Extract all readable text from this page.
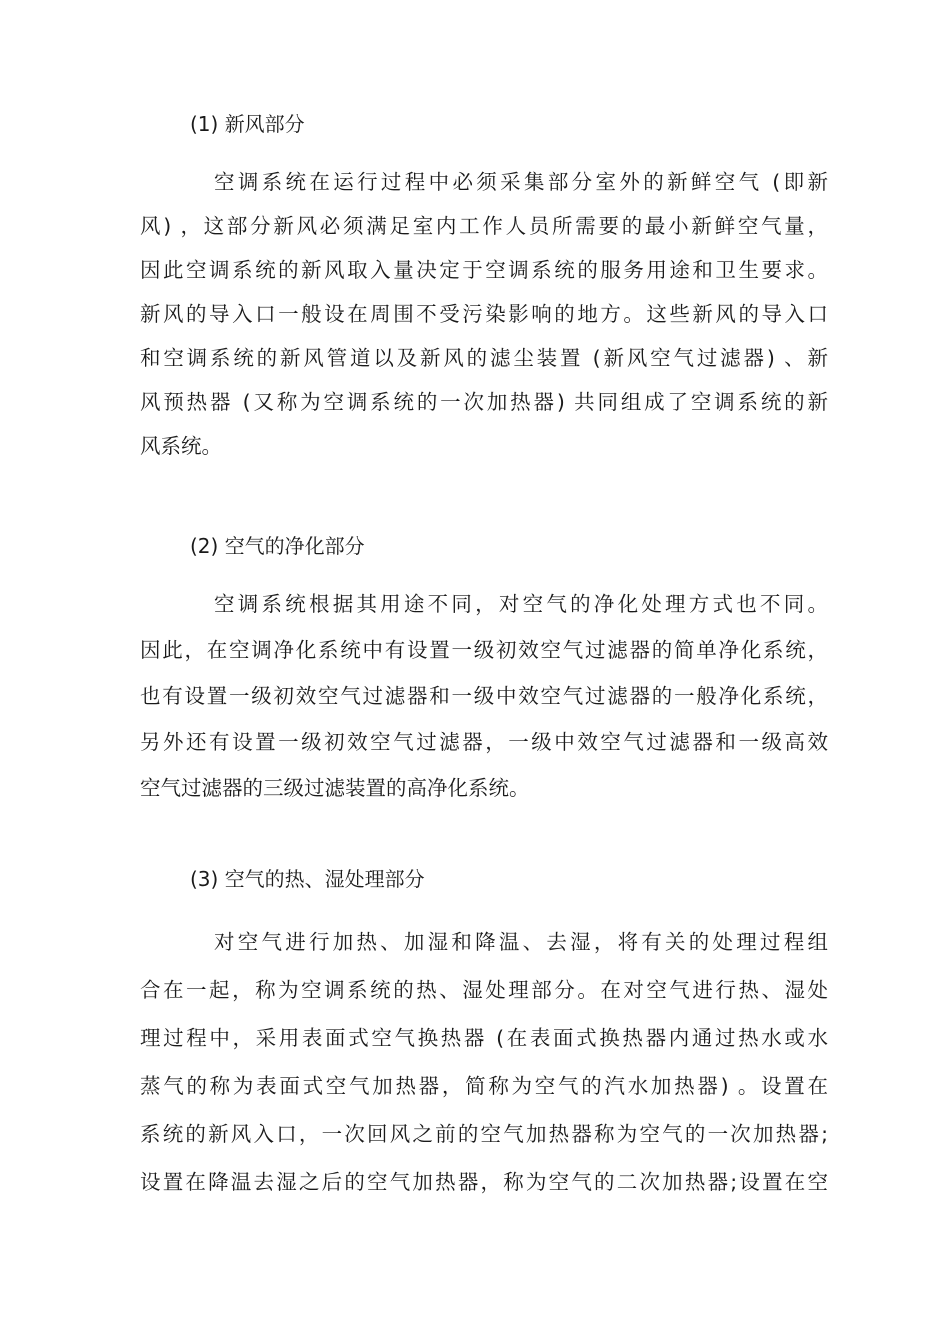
(1) 新风部分
空调系统在运行过程中必须采集部分室外的新鲜空气 (即新
风) ，这部分新风必须满足室内工作人员所需要的最小新鲜空气量，
因此空调系统的新风取入量决定于空调系统的服务用途和卫生要求。
新风的导入口一般设在周围不受污染影响的地方。这些新风的导入口
和空调系统的新风管道以及新风的滤尘装置 (新风空气过滤器) 、新
风预热器 (又称为空调系统的一次加热器) 共同组成了空调系统的新
风系统。
(2) 空气的净化部分
空调系统根据其用途不同，对空气的净化处理方式也不同。
因此，在空调净化系统中有设置一级初效空气过滤器的简单净化系统，
也有设置一级初效空气过滤器和一级中效空气过滤器的一般净化系统，
另外还有设置一级初效空气过滤器，一级中效空气过滤器和一级高效
空气过滤器的三级过滤装置的高净化系统。
(3) 空气的热、湿处理部分
对空气进行加热、加湿和降温、去湿，将有关的处理过程组
合在一起，称为空调系统的热、湿处理部分。在对空气进行热、湿处
理过程中，采用表面式空气换热器 (在表面式换热器内通过热水或水
蒸气的称为表面式空气加热器，简称为空气的汽水加热器) 。设置在
系统的新风入口，一次回风之前的空气加热器称为空气的一次加热器;
设置在降温去湿之后的空气加热器，称为空气的二次加热器;设置在空
